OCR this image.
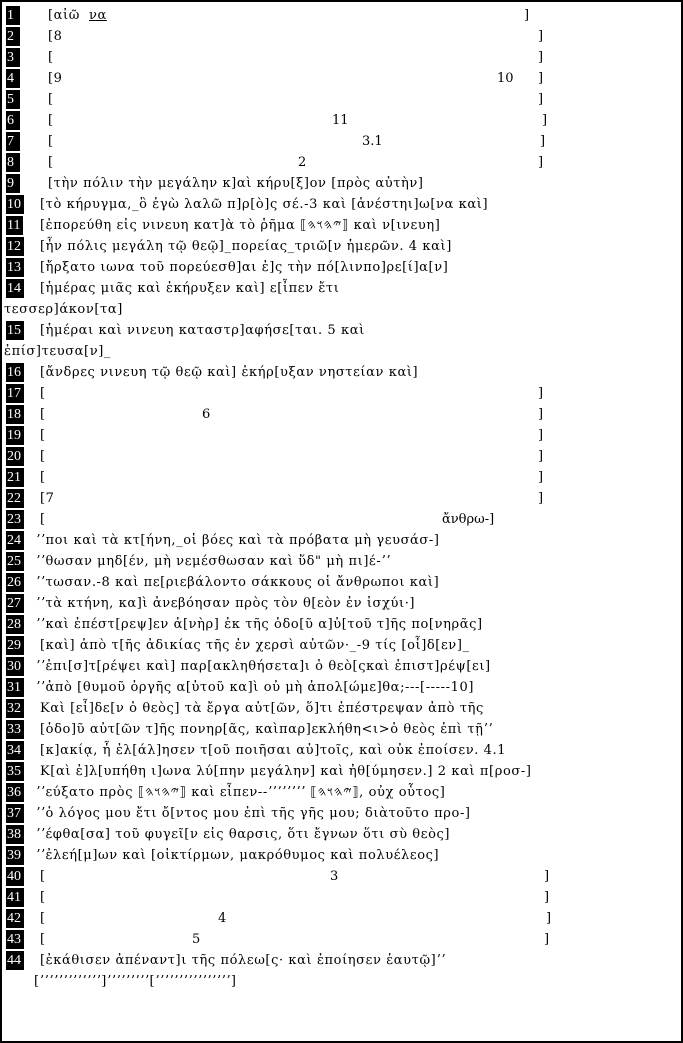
1	[αἰῶ να	]
2	[8	]
3	[	]
4	[9	10 ]
5	[	]
6	[	11	]
7	[	3.1	]
8	[	2	]
9	[τὴν πόλιν τὴν μεγάλην κ]αὶ κήρυ[ξ]ον [πρὸς αὐτὴν]
10 [τὸ κήρυγμα,_ὃ ἐγὼ λαλῶ π]ρ[ὸ]ς σέ.-3 καὶ [ἀνέστηι]ω[να καὶ]
11 [ἐπορεύθη εἰς νινευη κατ]ὰ τὸ ῥῆμα ⟦𐤉𐤄𐤅𐤄⟧ καὶ ν[ινευη]
12 [ἦν πόλις μεγάλη τῷ θεῷ]_πορείας_τριῶ[ν ἡμερῶν. 4 καὶ]
13 [ἤρξατο ιωνα τοῦ πορεύεσθ]αι ἐ]ς τὴν πό[λινπο]ρε[ί]α[ν]
14 [ἡμέρας μιᾶς καὶ ἐκήρυξεν καὶ] ε[ἶπεν ἔτι
τεσσερ]άκον[τα]
15 [ἡμέραι καὶ νινευη καταστρ]αφήσε[ται. 5 καὶ
ἐπίσ]τευσα[ν]_
16 [ἄνδρες νινευη τῷ θεῷ καὶ] ἐκήρ[υξαν νηστείαν καὶ]
17 [	]
18 [	6	]
19 [	]
20 [	]
21 [	]
22 [7	]
23 [	ἄνθρω-]
24 ʼʼποι καὶ τὰ κτ[ήνη,_οἱ βόες καὶ τὰ πρόβατα μὴ γευσάσ-]
25 ʼʼθωσαν μηδ[έν, μὴ νεμέσθωσαν καὶ ὕδ" μὴ πι]έ-ʼʼ
26 ʼʼτωσαν.-8 καὶ πε[ριεβάλοντο σάκκους οἱ ἄνθρωποι καὶ]
27 ʼʼτὰ κτήνη, κα]ὶ ἀνεβόησαν πρὸς τὸν θ[εὸν ἐν ἰσχύι·]
28 ʼʼκαὶ ἐπέστ[ρεψ]εν ἀ[νὴρ] ἐκ τῆς ὁδο[ῦ α]ὐ[τοῦ τ]ῆς πο[νηρᾶς]
29 [καὶ] ἀπὸ τ[ῆς ἀδικίας τῆς ἐν χερσὶ αὐτῶν·_-9 τίς [οἶ]δ[εν]_
30 ʼʼἐπι[σ]τ[ρέψει καὶ] παρ[ακληθήσετα]ι ὁ θεὸ[ςκαὶ ἐπιστ]ρέψ[ει]
31 ʼʼἀπὸ [θυμοῦ ὀργῆς α[ὐτοῦ κα]ὶ οὐ μὴ ἀπολ[ώμε]θα;---[-----10]
32 Καὶ [εἶ]δε[ν ὁ θεὸς] τὰ ἔργα αὐτ[ῶν, ὅ]τι ἐπέστρεψαν ἀπὸ τῆς
33 [ὁδο]ῦ αὐτ[ῶν τ]ῆς πονηρ[ᾶς, καὶπαρ]εκλήθη<ι>ὁ θεὸς ἐπὶ τῇʼʼ
34 [κ]ακίᾳ, ἧ ἐλ[άλ]ησεν τ[οῦ ποιῆσαι αὐ]τοῖς, καὶ οὐκ ἐποίσεν. 4.1
35 Κ[αὶ ἐ]λ[υπήθη ι]ωνα λύ[πην μεγάλην] καὶ ἠθ[ύμησεν.] 2 καὶ π[ροσ-]
36 ʼʼεύξατο πρὸς ⟦𐤉𐤄𐤅𐤄⟧ καὶ εἶπεν--ʼʼʼʼʼʼʼʼ ⟦𐤉𐤄𐤅𐤄⟧, οὐχ οὗτος]
37 ʼʼὁ λόγος μου ἔτι ὄ[ντος μου ἐπὶ τῆς γῆς μου; διὰτοῦτο προ-]
38 ʼʼέφθα[σα] τοῦ φυγεῖ[ν εἰς θαρσις, ὅτι ἔγνων ὅτι σὺ θεὸς]
39 ʼʼἐλεή[μ]ων καὶ [οἰκτίρμων, μακρόθυμος καὶ πολυέλεος]
40 [	3	]
41 [	]
42 [	4	]
43 [	5	]
44 [ἐκάθισεν ἀπέναντ]ι τῆς πόλεω[ς· καὶ ἐποίησεν ἑαυτῷ]ʼʼ
[ʼʼʼʼʼʼʼʼʼʼʼʼʼ]ʼʼʼʼʼʼʼʼʼ[ʼʼʼʼʼʼʼʼʼʼʼʼʼʼʼʼ]
